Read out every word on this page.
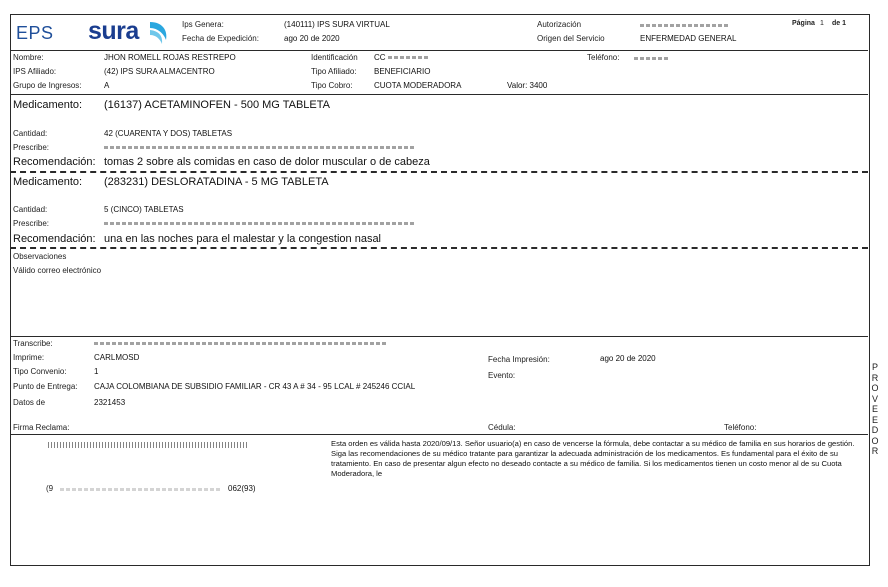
EPS sura	Ips Genera:	(140111) IPS SURA VIRTUAL
Fecha de Expedición:	ago 20 de 2020
Autorización
Origen del Servicio	ENFERMEDAD GENERAL
Página 1 de 1
Nombre:	JHON ROMELL ROJAS RESTREPO	Identificación CC	Teléfono:
IPS Afiliado:	(42) IPS SURA ALMACENTRO	Tipo Afiliado: BENEFICIARIO
Grupo de Ingresos:	A	Tipo Cobro:	CUOTA MODERADORA	Valor: 3400
Medicamento: (16137) ACETAMINOFEN - 500 MG TABLETA
Cantidad:	42 (CUARENTA Y DOS) TABLETAS
Prescribe:
Recomendación: tomas 2 sobre als comidas en caso de dolor muscular o de cabeza
Medicamento: (283231) DESLORATADINA - 5 MG TABLETA
Cantidad:	5 (CINCO) TABLETAS
Prescribe:
Recomendación: una en las noches para el malestar y la congestion nasal
Observaciones
Válido correo electrónico
Transcribe:
Imprime:	CARLMOSD	Fecha Impresión:	ago 20 de 2020
Tipo Convenio:	1	Evento:
Punto de Entrega: CAJA COLOMBIANA DE SUBSIDIO FAMILIAR - CR 43 A # 34 - 95 LCAL # 245246 CCIAL
Datos de	2321453
Firma Reclama:	Cédula:	Teléfono:
(9	062(93)
Esta orden es válida hasta 2020/09/13. Señor usuario(a) en caso de vencerse la fórmula, debe contactar a su médico de familia en sus horarios de gestión. Siga las recomendaciones de su médico tratante para garantizar la adecuada administración de los medicamentos. Es fundamental para el éxito de su tratamiento. En caso de presentar algun efecto no deseado contacte a su médico de familia. Si los medicamentos tienen un costo menor al de su Cuota Moderadora, le
P
R
O
V
E
E
D
O
R
